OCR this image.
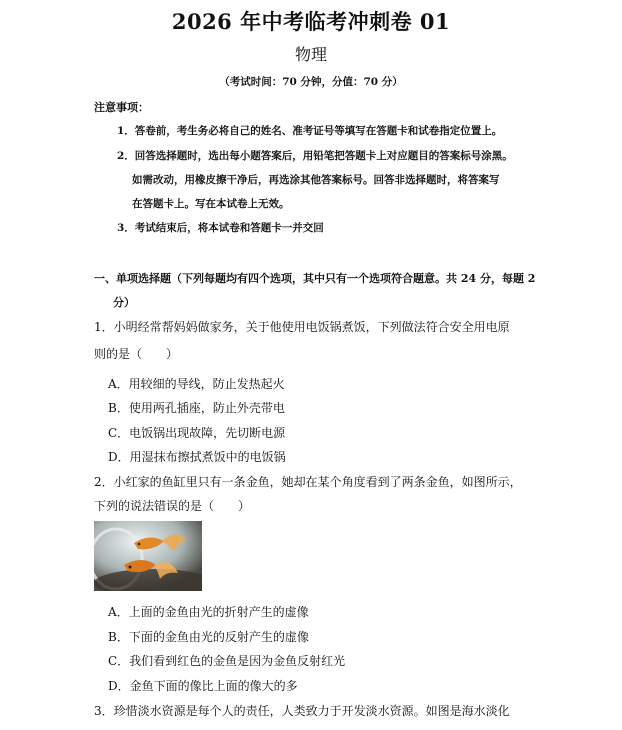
2026 年中考临考冲刺卷 01
物理
（考试时间：70 分钟，分值：70 分）
注意事项：
1．答卷前，考生务必将自己的姓名、准考证号等填写在答题卡和试卷指定位置上。
2．回答选择题时，选出每小题答案后，用铅笔把答题卡上对应题目的答案标号涂黑。
如需改动，用橡皮擦干净后，再选涂其他答案标号。回答非选择题时，将答案写
在答题卡上。写在本试卷上无效。
3．考试结束后，将本试卷和答题卡一并交回
一、单项选择题（下列每题均有四个选项，其中只有一个选项符合题意。共 24 分，每题 2
分）
1．小明经常帮妈妈做家务，关于他使用电饭锅煮饭，下列做法符合安全用电原
则的是（　　）
A．用较细的导线，防止发热起火
B．使用两孔插座，防止外壳带电
C．电饭锅出现故障，先切断电源
D．用湿抹布擦拭煮饭中的电饭锅
2．小红家的鱼缸里只有一条金鱼，她却在某个角度看到了两条金鱼，如图所示，
下列的说法错误的是（　　）
A．上面的金鱼由光的折射产生的虚像
B．下面的金鱼由光的反射产生的虚像
C．我们看到红色的金鱼是因为金鱼反射红光
D．金鱼下面的像比上面的像大的多
3．珍惜淡水资源是每个人的责任，人类致力于开发淡水资源。如图是海水淡化
